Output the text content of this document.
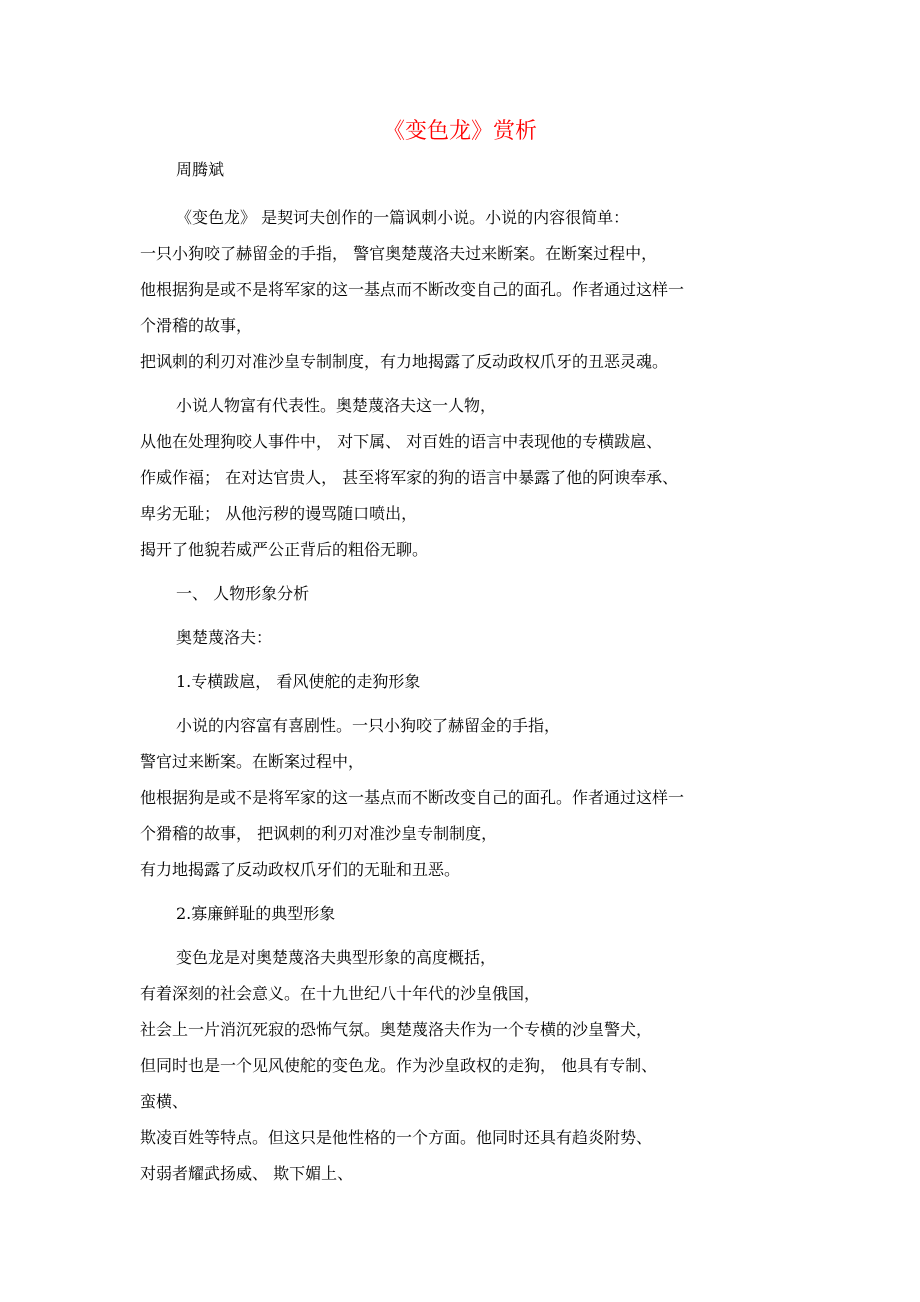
《变色龙》赏析
周腾斌
《变色龙》 是契诃夫创作的一篇讽刺小说。小说的内容很简单：
一只小狗咬了赫留金的手指， 警官奥楚蔑洛夫过来断案。在断案过程中，
他根据狗是或不是将军家的这一基点而不断改变自己的面孔。作者通过这样一
个滑稽的故事，
把讽刺的利刃对准沙皇专制制度，有力地揭露了反动政权爪牙的丑恶灵魂。
小说人物富有代表性。奥楚蔑洛夫这一人物，
从他在处理狗咬人事件中， 对下属、 对百姓的语言中表现他的专横跋扈、
作威作福； 在对达官贵人， 甚至将军家的狗的语言中暴露了他的阿谀奉承、
卑劣无耻； 从他污秽的谩骂随口喷出，
揭开了他貌若威严公正背后的粗俗无聊。
一、 人物形象分析
奥楚蔑洛夫：
1.专横跋扈， 看风使舵的走狗形象
小说的内容富有喜剧性。一只小狗咬了赫留金的手指，
警官过来断案。在断案过程中，
他根据狗是或不是将军家的这一基点而不断改变自己的面孔。作者通过这样一
个猾稽的故事， 把讽刺的利刃对准沙皇专制制度，
有力地揭露了反动政权爪牙们的无耻和丑恶。
2.寡廉鲜耻的典型形象
变色龙是对奥楚蔑洛夫典型形象的高度概括，
有着深刻的社会意义。在十九世纪八十年代的沙皇俄国，
社会上一片消沉死寂的恐怖气氛。奥楚蔑洛夫作为一个专横的沙皇警犬，
但同时也是一个见风使舵的变色龙。作为沙皇政权的走狗， 他具有专制、
蛮横、
欺凌百姓等特点。但这只是他性格的一个方面。他同时还具有趋炎附势、
对弱者耀武扬威、 欺下媚上、
